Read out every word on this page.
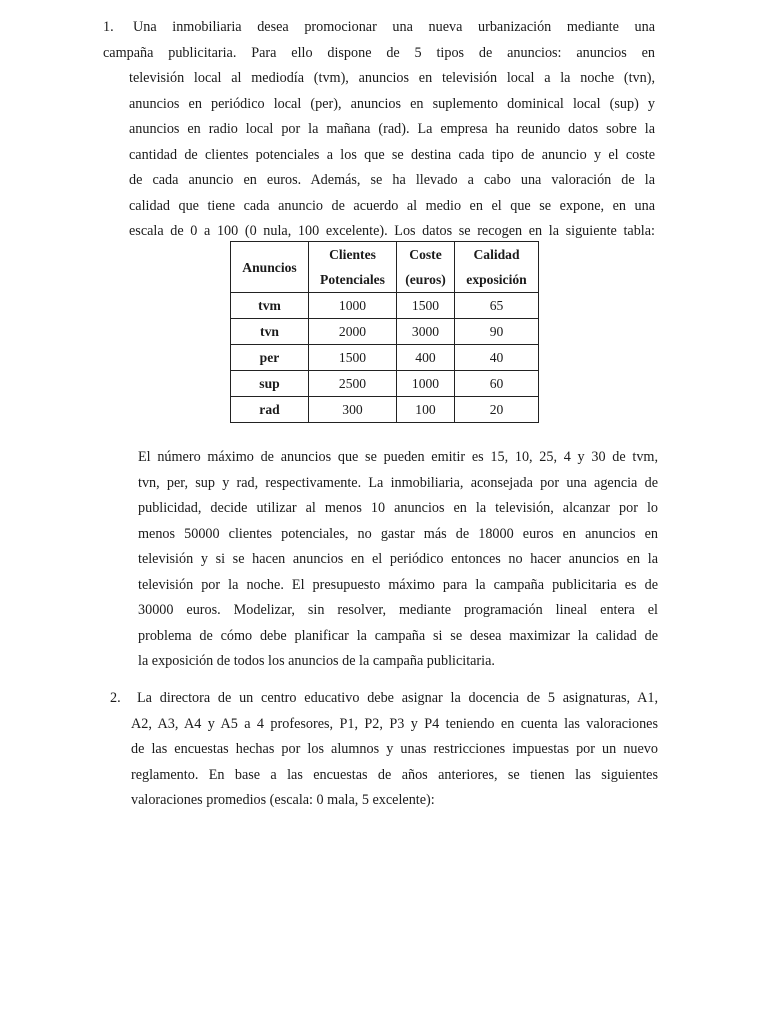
1.	Una inmobiliaria desea promocionar una nueva urbanización mediante una
campaña publicitaria. Para ello dispone de 5 tipos de anuncios: anuncios en
televisión local al mediodía (tvm), anuncios en televisión local a la noche (tvn),
anuncios en periódico local (per), anuncios en suplemento dominical local (sup) y
anuncios en radio local por la mañana (rad). La empresa ha reunido datos sobre la
cantidad de clientes potenciales a los que se destina cada tipo de anuncio y el coste
de cada anuncio en euros. Además, se ha llevado a cabo una valoración de la
calidad que tiene cada anuncio de acuerdo al medio en el que se expone, en una
escala de 0 a 100 (0 nula, 100 excelente). Los datos se recogen en la siguiente tabla:
Anuncios	Clientes Potenciales	Coste (euros)	Calidad exposición
tvm	1000	1500	65
tvn	2000	3000	90
per	1500	400	40
sup	2500	1000	60
rad	300	100	20
El número máximo de anuncios que se pueden emitir es 15, 10, 25, 4 y 30 de tvm,
tvn, per, sup y rad, respectivamente. La inmobiliaria, aconsejada por una agencia de
publicidad, decide utilizar al menos 10 anuncios en la televisión, alcanzar por lo
menos 50000 clientes potenciales, no gastar más de 18000 euros en anuncios en
televisión y si se hacen anuncios en el periódico entonces no hacer anuncios en la
televisión por la noche. El presupuesto máximo para la campaña publicitaria es de
30000 euros. Modelizar, sin resolver, mediante programación lineal entera el
problema de cómo debe planificar la campaña si se desea maximizar la calidad de
la exposición de todos los anuncios de la campaña publicitaria.
2.	La directora de un centro educativo debe asignar la docencia de 5 asignaturas, A1,
A2, A3, A4 y A5 a 4 profesores, P1, P2, P3 y P4 teniendo en cuenta las valoraciones
de las encuestas hechas por los alumnos y unas restricciones impuestas por un nuevo
reglamento. En base a las encuestas de años anteriores, se tienen las siguientes
valoraciones promedios (escala: 0 mala, 5 excelente):
